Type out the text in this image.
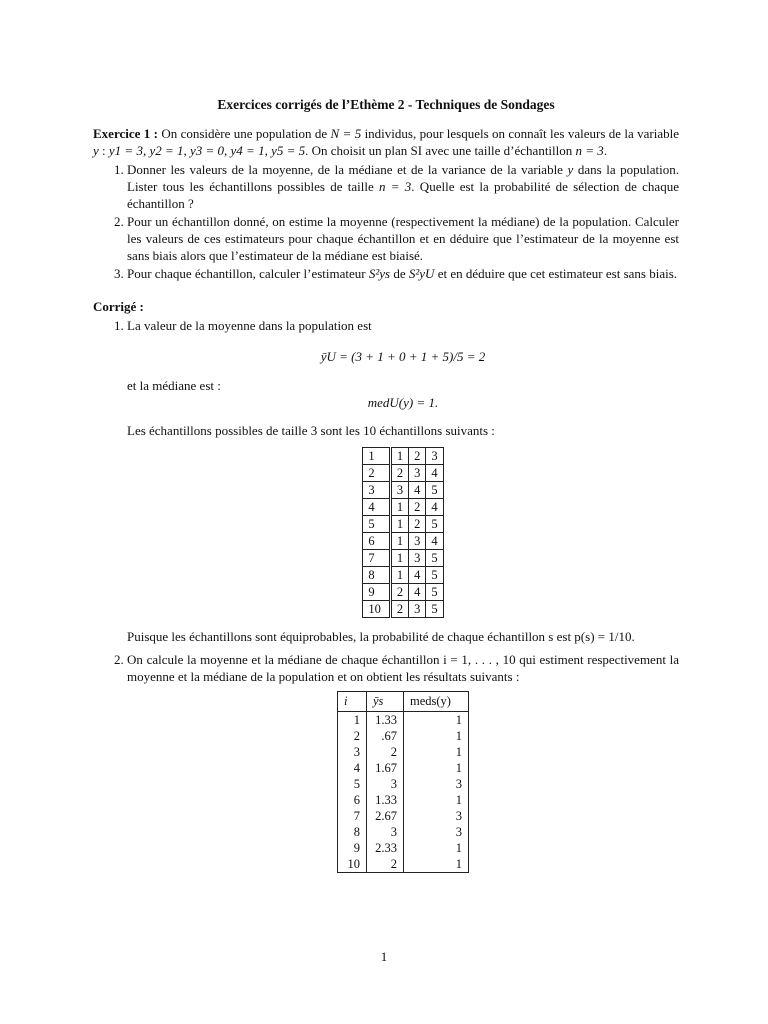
Exercices corrigés de l’Ethème 2 - Techniques de Sondages

Exercice 1 : On considère une population de N = 5 individus, pour lesquels on connaît les valeurs de la variable y : y1 = 3, y2 = 1, y3 = 0, y4 = 1, y5 = 5. On choisit un plan SI avec une taille d’échantillon n = 3.

1. Donner les valeurs de la moyenne, de la médiane et de la variance de la variable y dans la population. Lister tous les échantillons possibles de taille n = 3. Quelle est la probabilité de sélection de chaque échantillon ?
2. Pour un échantillon donné, on estime la moyenne (respectivement la médiane) de la population. Calculer les valeurs de ces estimateurs pour chaque échantillon et en déduire que l’estimateur de la moyenne est sans biais alors que l’estimateur de la médiane est biaisé.
3. Pour chaque échantillon, calculer l’estimateur S²ys de S²yU et en déduire que cet estimateur est sans biais.

Corrigé :

1. La valeur de la moyenne dans la population est
ȳU = (3 + 1 + 0 + 1 + 5)/5 = 2
et la médiane est :
medU(y) = 1.
Les échantillons possibles de taille 3 sont les 10 échantillons suivants :
1	1	2	3
2	2	3	4
3	3	4	5
4	1	2	4
5	1	2	5
6	1	3	4
7	1	3	5
8	1	4	5
9	2	4	5
10	2	3	5

Puisque les échantillons sont équiprobables, la probabilité de chaque échantillon s est p(s) = 1/10.

2. On calcule la moyenne et la médiane de chaque échantillon i = 1, . . . , 10 qui estiment respectivement la moyenne et la médiane de la population et on obtient les résultats suivants :

i	ȳs	meds(y)
1	1.33	1
2	.67	1
3	2	1
4	1.67	1
5	3	3
6	1.33	1
7	2.67	3
8	3	3
9	2.33	1
10	2	1
1
